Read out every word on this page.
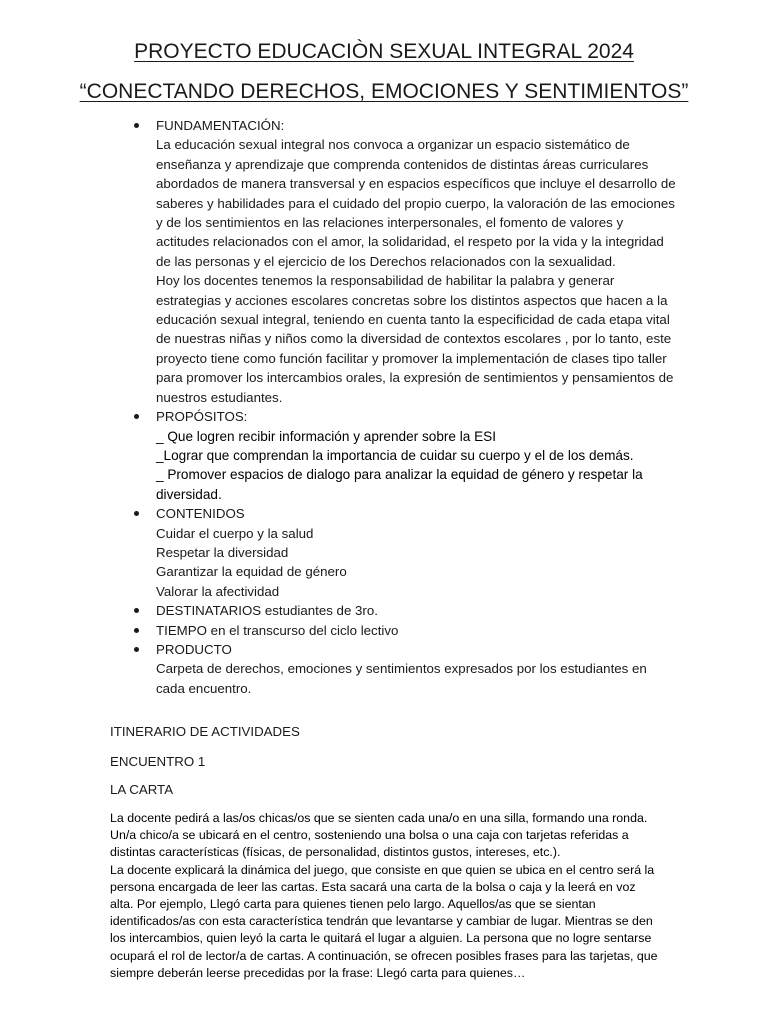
PROYECTO EDUCACIÒN SEXUAL INTEGRAL 2024
“CONECTANDO DERECHOS, EMOCIONES Y SENTIMIENTOS”
FUNDAMENTACIÓN:
La educación sexual integral nos convoca a organizar un espacio sistemático de enseñanza y aprendizaje que comprenda contenidos de distintas áreas curriculares abordados de manera transversal y en espacios específicos que incluye el desarrollo de saberes y habilidades para el cuidado del propio cuerpo, la valoración de las emociones y de los sentimientos en las relaciones interpersonales, el fomento de valores y actitudes relacionados con el amor, la solidaridad, el respeto por la vida y la integridad de las personas y el ejercicio de los Derechos relacionados con la sexualidad.
Hoy los docentes tenemos la responsabilidad de habilitar la palabra y generar estrategias y acciones escolares concretas sobre los distintos aspectos que hacen a la educación sexual integral, teniendo en cuenta tanto la especificidad de cada etapa vital de nuestras niñas y niños como la diversidad de contextos escolares , por lo tanto, este proyecto tiene como función facilitar y promover la implementación de clases tipo taller para promover los intercambios orales, la expresión de sentimientos y pensamientos de nuestros estudiantes.
PROPÓSITOS:
_ Que logren recibir información y aprender sobre la ESI
_Lograr que comprendan la importancia de cuidar su cuerpo y el de los demás.
_ Promover espacios de dialogo para analizar la equidad de género y respetar la diversidad.
CONTENIDOS
Cuidar el cuerpo y la salud
Respetar la diversidad
Garantizar la equidad de género
Valorar la afectividad
DESTINATARIOS estudiantes de 3ro.
TIEMPO en el transcurso del ciclo lectivo
PRODUCTO
Carpeta de derechos, emociones y sentimientos expresados por los estudiantes en cada encuentro.
ITINERARIO DE ACTIVIDADES
ENCUENTRO 1
LA CARTA

La docente pedirá a las/os chicas/os que se sienten cada una/o en una silla, formando una ronda. Un/a chico/a se ubicará en el centro, sosteniendo una bolsa o una caja con tarjetas referidas a distintas características (físicas, de personalidad, distintos gustos, intereses, etc.).

La docente explicará la dinámica del juego, que consiste en que quien se ubica en el centro será la persona encargada de leer las cartas. Esta sacará una carta de la bolsa o caja y la leerá en voz alta. Por ejemplo, Llegó carta para quienes tienen pelo largo. Aquellos/as que se sientan identificados/as con esta característica tendrán que levantarse y cambiar de lugar. Mientras se den los intercambios, quien leyó la carta le quitará el lugar a alguien. La persona que no logre sentarse ocupará el rol de lector/a de cartas. A continuación, se ofrecen posibles frases para las tarjetas, que siempre deberán leerse precedidas por la frase: Llegó carta para quienes…
